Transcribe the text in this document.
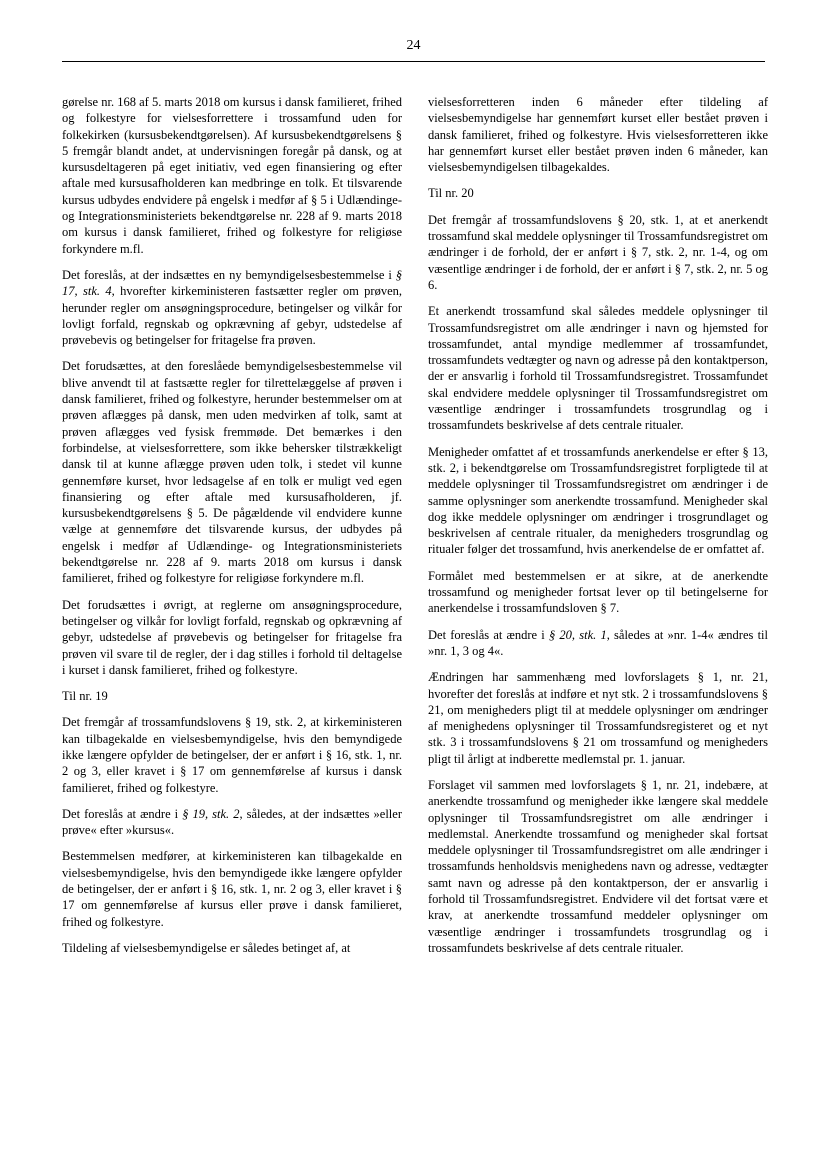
24

gørelse nr. 168 af 5. marts 2018 om kursus i dansk familieret, frihed og folkestyre for vielsesforrettere i trossamfund uden for folkekirken (kursusbekendtgørelsen). Af kursusbekendtgørelsens § 5 fremgår blandt andet, at undervisningen foregår på dansk, og at kursusdeltageren på eget initiativ, ved egen finansiering og efter aftale med kursusafholderen kan medbringe en tolk. Et tilsvarende kursus udbydes endvidere på engelsk i medfør af § 5 i Udlændinge- og Integrationsministeriets bekendtgørelse nr. 228 af 9. marts 2018 om kursus i dansk familieret, frihed og folkestyre for religiøse forkyndere m.fl.

Det foreslås, at der indsættes en ny bemyndigelsesbestemmelse i § 17, stk. 4, hvorefter kirkeministeren fastsætter regler om prøven, herunder regler om ansøgningsprocedure, betingelser og vilkår for lovligt forfald, regnskab og opkrævning af gebyr, udstedelse af prøvebevis og betingelser for fritagelse fra prøven.

Det forudsættes, at den foreslåede bemyndigelsesbestemmelse vil blive anvendt til at fastsætte regler for tilrettelæggelse af prøven i dansk familieret, frihed og folkestyre, herunder bestemmelser om at prøven aflægges på dansk, men uden medvirken af tolk, samt at prøven aflægges ved fysisk fremmøde. Det bemærkes i den forbindelse, at vielsesforrettere, som ikke behersker tilstrækkeligt dansk til at kunne aflægge prøven uden tolk, i stedet vil kunne gennemføre kurset, hvor ledsagelse af en tolk er muligt ved egen finansiering og efter aftale med kursusafholderen, jf. kursusbekendtgørelsens § 5. De pågældende vil endvidere kunne vælge at gennemføre det tilsvarende kursus, der udbydes på engelsk i medfør af Udlændinge- og Integrationsministeriets bekendtgørelse nr. 228 af 9. marts 2018 om kursus i dansk familieret, frihed og folkestyre for religiøse forkyndere m.fl.

Det forudsættes i øvrigt, at reglerne om ansøgningsprocedure, betingelser og vilkår for lovligt forfald, regnskab og opkrævning af gebyr, udstedelse af prøvebevis og betingelser for fritagelse fra prøven vil svare til de regler, der i dag stilles i forhold til deltagelse i kurset i dansk familieret, frihed og folkestyre.

Til nr. 19

Det fremgår af trossamfundslovens § 19, stk. 2, at kirkeministeren kan tilbagekalde en vielsesbemyndigelse, hvis den bemyndigede ikke længere opfylder de betingelser, der er anført i § 16, stk. 1, nr. 2 og 3, eller kravet i § 17 om gennemførelse af kursus i dansk familieret, frihed og folkestyre.

Det foreslås at ændre i § 19, stk. 2, således, at der indsættes »eller prøve« efter »kursus«.

Bestemmelsen medfører, at kirkeministeren kan tilbagekalde en vielsesbemyndigelse, hvis den bemyndigede ikke længere opfylder de betingelser, der er anført i § 16, stk. 1, nr. 2 og 3, eller kravet i § 17 om gennemførelse af kursus eller prøve i dansk familieret, frihed og folkestyre.

Tildeling af vielsesbemyndigelse er således betinget af, at

vielsesforretteren inden 6 måneder efter tildeling af vielsesbemyndigelse har gennemført kurset eller bestået prøven i dansk familieret, frihed og folkestyre. Hvis vielsesforretteren ikke har gennemført kurset eller bestået prøven inden 6 måneder, kan vielsesbemyndigelsen tilbagekaldes.

Til nr. 20

Det fremgår af trossamfundslovens § 20, stk. 1, at et anerkendt trossamfund skal meddele oplysninger til Trossamfundsregistret om ændringer i de forhold, der er anført i § 7, stk. 2, nr. 1-4, og om væsentlige ændringer i de forhold, der er anført i § 7, stk. 2, nr. 5 og 6.

Et anerkendt trossamfund skal således meddele oplysninger til Trossamfundsregistret om alle ændringer i navn og hjemsted for trossamfundet, antal myndige medlemmer af trossamfundet, trossamfundets vedtægter og navn og adresse på den kontaktperson, der er ansvarlig i forhold til Trossamfundsregistret. Trossamfundet skal endvidere meddele oplysninger til Trossamfundsregistret om væsentlige ændringer i trossamfundets trosgrundlag og i trossamfundets beskrivelse af dets centrale ritualer.

Menigheder omfattet af et trossamfunds anerkendelse er efter § 13, stk. 2, i bekendtgørelse om Trossamfundsregistret forpligtede til at meddele oplysninger til Trossamfundsregistret om ændringer i de samme oplysninger som anerkendte trossamfund. Menigheder skal dog ikke meddele oplysninger om ændringer i trosgrundlaget og beskrivelsen af centrale ritualer, da menigheders trosgrundlag og ritualer følger det trossamfund, hvis anerkendelse de er omfattet af.

Formålet med bestemmelsen er at sikre, at de anerkendte trossamfund og menigheder fortsat lever op til betingelserne for anerkendelse i trossamfundsloven § 7.

Det foreslås at ændre i § 20, stk. 1, således at »nr. 1-4« ændres til »nr. 1, 3 og 4«.

Ændringen har sammenhæng med lovforslagets § 1, nr. 21, hvorefter det foreslås at indføre et nyt stk. 2 i trossamfundslovens § 21, om menigheders pligt til at meddele oplysninger om ændringer af menighedens oplysninger til Trossamfundsregisteret og et nyt stk. 3 i trossamfundslovens § 21 om trossamfund og menigheders pligt til årligt at indberette medlemstal pr. 1. januar.

Forslaget vil sammen med lovforslagets § 1, nr. 21, indebære, at anerkendte trossamfund og menigheder ikke længere skal meddele oplysninger til Trossamfundsregistret om alle ændringer i medlemstal. Anerkendte trossamfund og menigheder skal fortsat meddele oplysninger til Trossamfundsregistret om alle ændringer i trossamfunds henholdsvis menighedens navn og adresse, vedtægter samt navn og adresse på den kontaktperson, der er ansvarlig i forhold til Trossamfundsregistret. Endvidere vil det fortsat være et krav, at anerkendte trossamfund meddeler oplysninger om væsentlige ændringer i trossamfundets trosgrundlag og i trossamfundets beskrivelse af dets centrale ritualer.
